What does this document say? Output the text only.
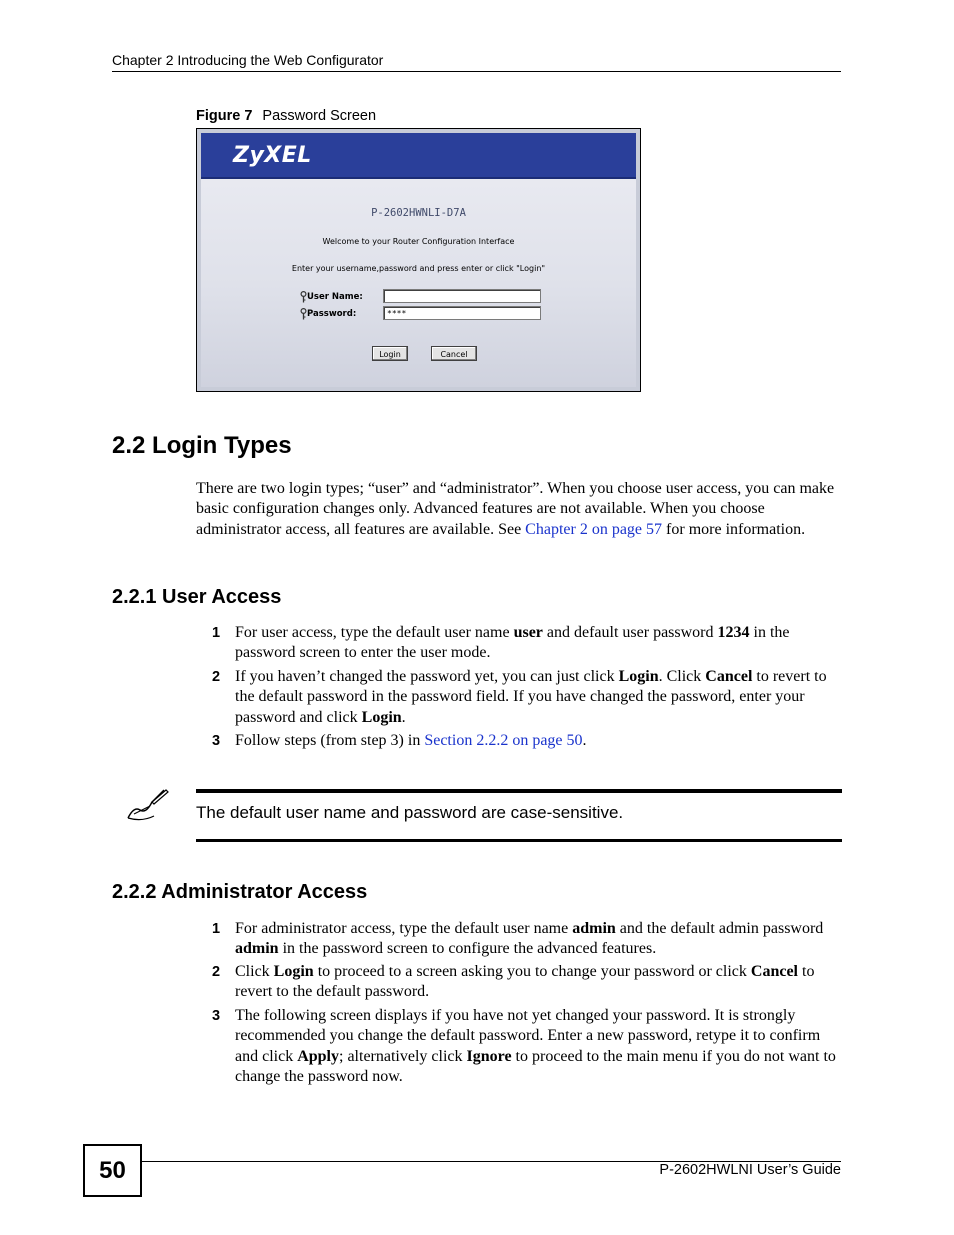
Chapter 2 Introducing the Web Configurator
Figure 7 Password Screen
ZyXEL
P-2602HWNLI-D7A
Welcome to your Router Configuration Interface
Enter your username,password and press enter or click "Login"
User Name:
Password:	****
Login	Cancel
2.2 Login Types

There are two login types; “user” and “administrator”. When you choose user access, you can make basic configuration changes only. Advanced features are not available. When you choose administrator access, all features are available. See Chapter 2 on page 57 for more information.

2.2.1 User Access
1 For user access, type the default user name user and default user password 1234 in the password screen to enter the user mode.

2 If you haven’t changed the password yet, you can just click Login. Click Cancel to revert to the default password in the password field. If you have changed the password, enter your password and click Login.

3 Follow steps (from step 3) in Section 2.2.2 on page 50.

The default user name and password are case-sensitive.
2.2.2 Administrator Access
1 For administrator access, type the default user name admin and the default admin password admin in the password screen to configure the advanced features.

2 Click Login to proceed to a screen asking you to change your password or click Cancel to revert to the default password.

3 The following screen displays if you have not yet changed your password. It is strongly recommended you change the default password. Enter a new password, retype it to confirm and click Apply; alternatively click Ignore to proceed to the main menu if you do not want to change the password now.

50	P-2602HWLNI User’s Guide
